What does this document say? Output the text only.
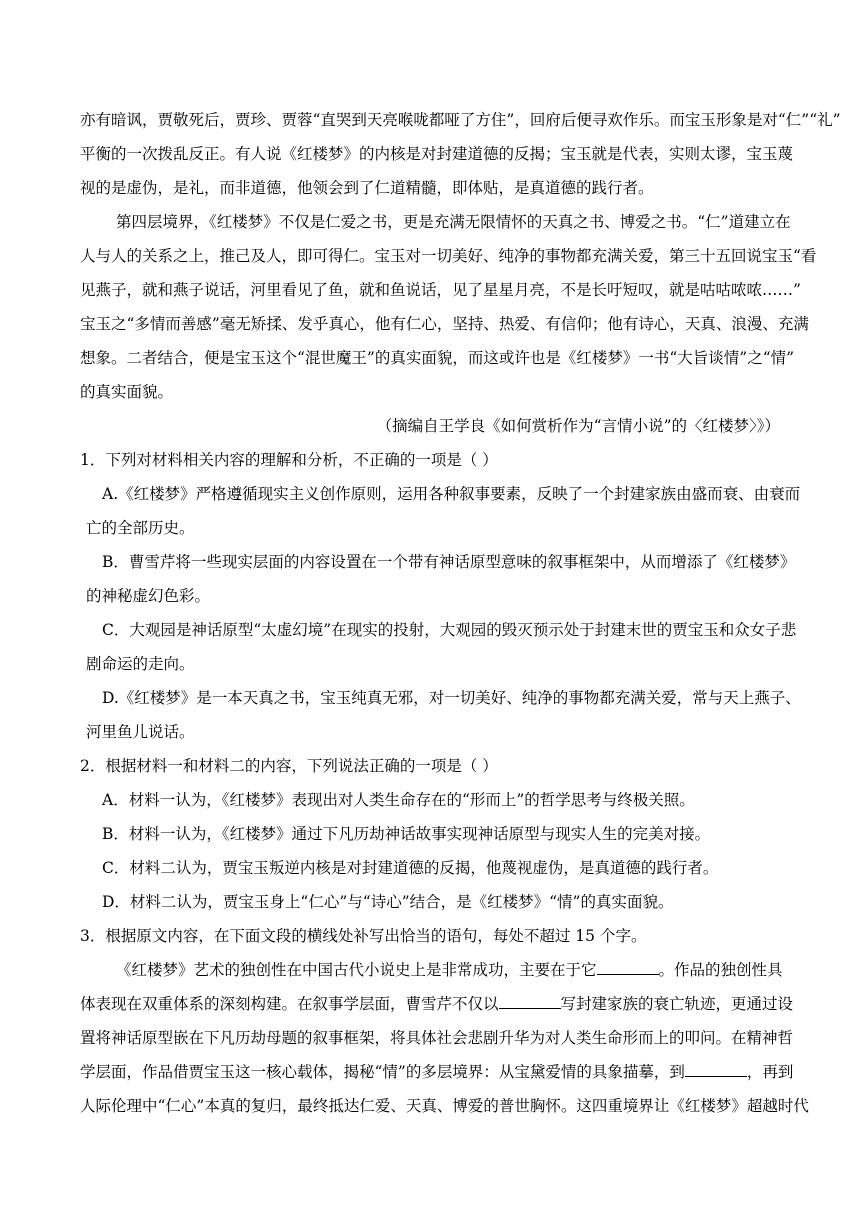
亦有暗讽，贾敬死后，贾珍、贾蓉“直哭到天亮喉咙都哑了方住”，回府后便寻欢作乐。而宝玉形象是对“仁”“礼”
平衡的一次拨乱反正。有人说《红楼梦》的内核是对封建道德的反揭；宝玉就是代表，实则太谬，宝玉蔑
视的是虚伪，是礼，而非道德，他领会到了仁道精髓，即体贴，是真道德的践行者。
第四层境界，《红楼梦》不仅是仁爱之书，更是充满无限情怀的天真之书、博爱之书。“仁”道建立在
人与人的关系之上，推己及人，即可得仁。宝玉对一切美好、纯净的事物都充满关爱，第三十五回说宝玉“看
见燕子，就和燕子说话，河里看见了鱼，就和鱼说话，见了星星月亮，不是长吁短叹，就是咕咕哝哝……”
宝玉之“多情而善感”毫无矫揉、发乎真心，他有仁心，坚持、热爱、有信仰；他有诗心，天真、浪漫、充满
想象。二者结合，便是宝玉这个“混世魔王”的真实面貌，而这或许也是《红楼梦》一书“大旨谈情”之“情”
的真实面貌。
（摘编自王学良《如何赏析作为“言情小说”的〈红楼梦〉》）
1．下列对材料相关内容的理解和分析，不正确的一项是（ ）
A.《红楼梦》严格遵循现实主义创作原则，运用各种叙事要素，反映了一个封建家族由盛而衰、由衰而
亡的全部历史。
B．曹雪芹将一些现实层面的内容设置在一个带有神话原型意味的叙事框架中，从而增添了《红楼梦》
的神秘虚幻色彩。
C．大观园是神话原型“太虚幻境”在现实的投射，大观园的毁灭预示处于封建末世的贾宝玉和众女子悲
剧命运的走向。
D.《红楼梦》是一本天真之书，宝玉纯真无邪，对一切美好、纯净的事物都充满关爱，常与天上燕子、
河里鱼儿说话。
2．根据材料一和材料二的内容，下列说法正确的一项是（ ）
A．材料一认为，《红楼梦》表现出对人类生命存在的“形而上”的哲学思考与终极关照。
B．材料一认为，《红楼梦》通过下凡历劫神话故事实现神话原型与现实人生的完美对接。
C．材料二认为，贾宝玉叛逆内核是对封建道德的反揭，他蔑视虚伪，是真道德的践行者。
D．材料二认为，贾宝玉身上“仁心”与“诗心”结合，是《红楼梦》“情”的真实面貌。
3．根据原文内容，在下面文段的横线处补写出恰当的语句，每处不超过 15 个字。
《红楼梦》艺术的独创性在中国古代小说史上是非常成功，主要在于它	。作品的独创性具
体表现在双重体系的深刻构建。在叙事学层面，曹雪芹不仅以	写封建家族的衰亡轨迹，更通过设
置将神话原型嵌在下凡历劫母题的叙事框架，将具体社会悲剧升华为对人类生命形而上的叩问。在精神哲
学层面，作品借贾宝玉这一核心载体，揭秘“情”的多层境界：从宝黛爱情的具象描摹，到	，再到
人际伦理中“仁心”本真的复归，最终抵达仁爱、天真、博爱的普世胸怀。这四重境界让《红楼梦》超越时代
